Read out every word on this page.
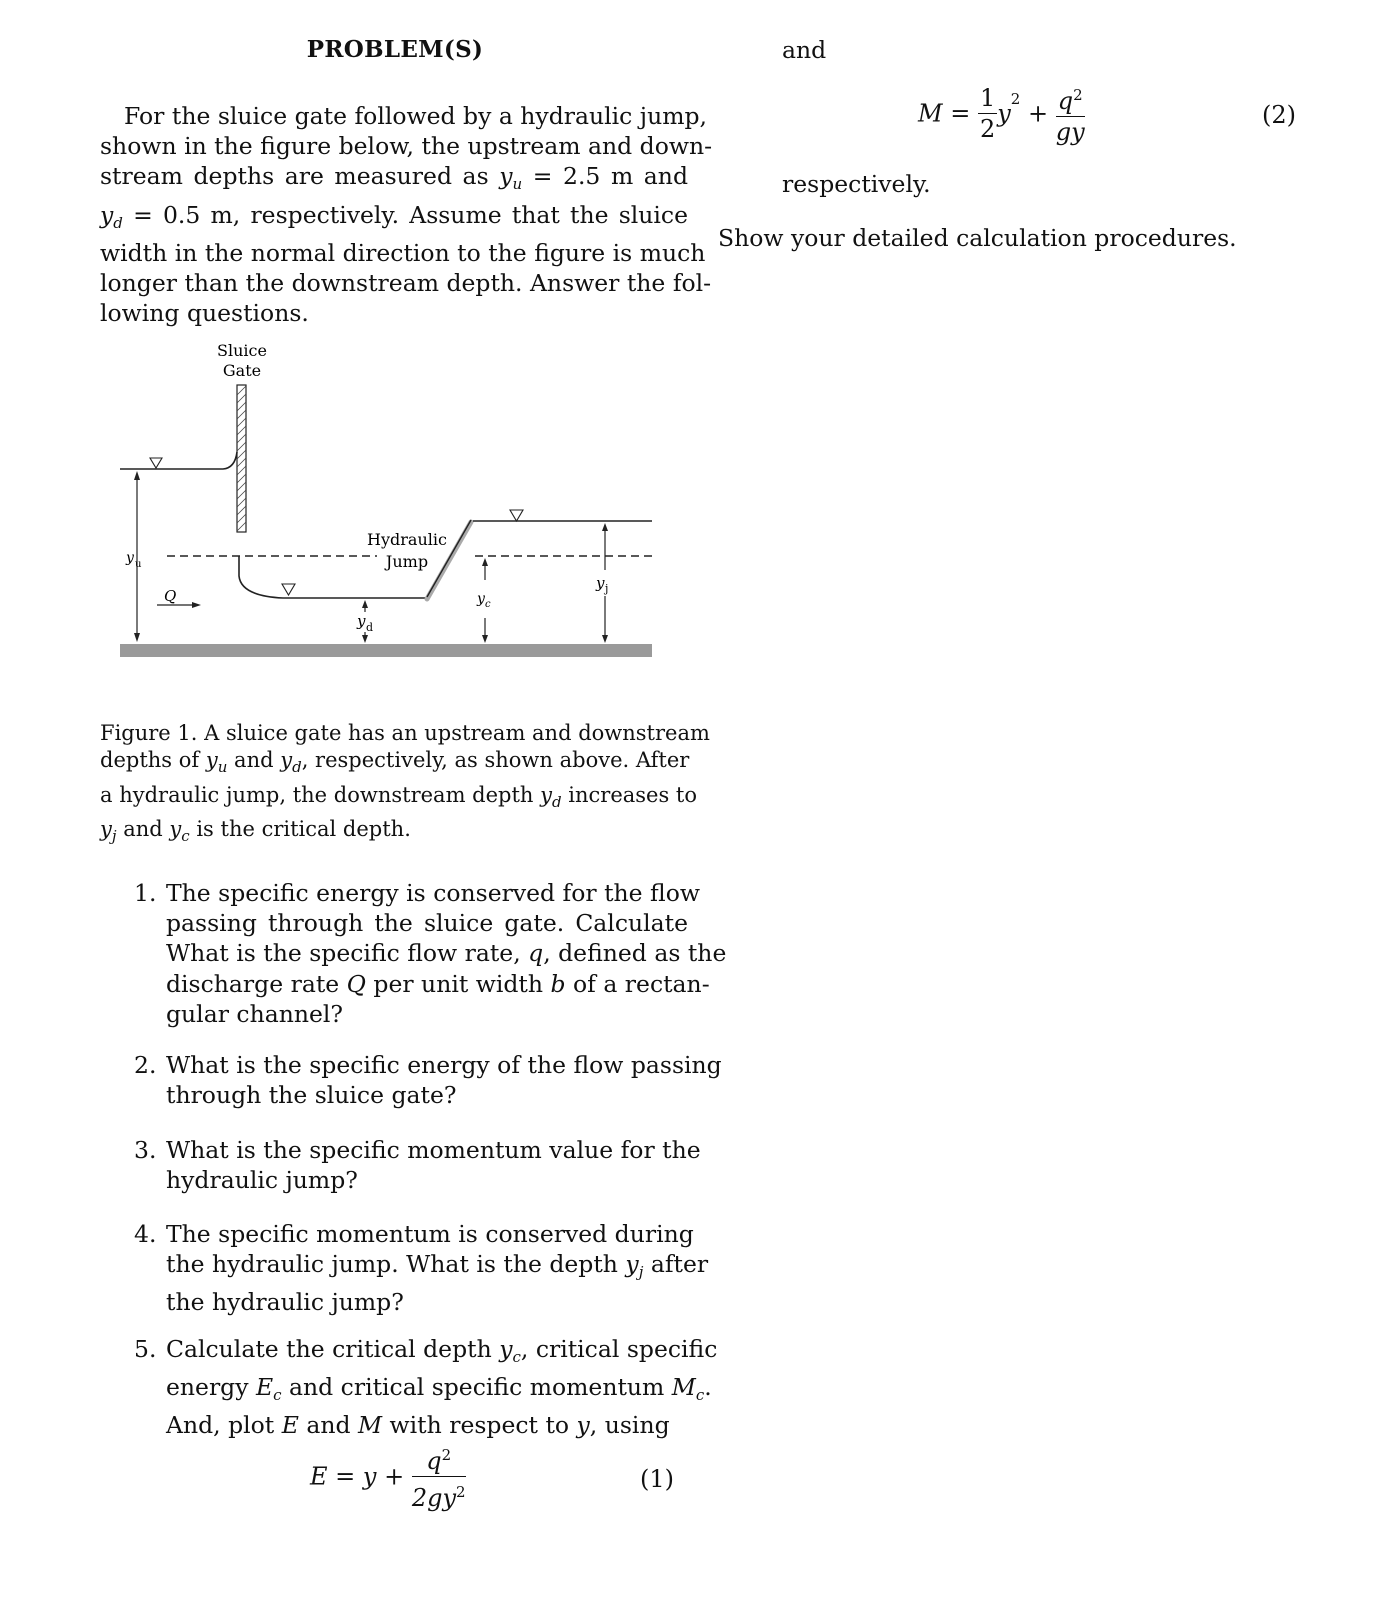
PROBLEM(S)
For the sluice gate followed by a hydraulic jump,
shown in the figure below, the upstream and down-
stream depths are measured as $y_u = 2.5$ m and
$y_d = 0.5$ m, respectively. Assume that the sluice
width in the normal direction to the figure is much
longer than the downstream depth. Answer the fol-
lowing questions.
Sluice
Gate
Hydraulic
Jump
y u
Q
y d
y c
y j
Figure 1. A sluice gate has an upstream and downstream
depths of $y_u$ and $y_d$, respectively, as shown above. After
a hydraulic jump, the downstream depth $y_d$ increases to
$y_j$ and $y_c$ is the critical depth.
1. The specific energy is conserved for the flow
passing through the sluice gate. Calculate
What is the specific flow rate, q, defined as the
discharge rate Q per unit width b of a rectan-
gular channel?
2. What is the specific energy of the flow passing
through the sluice gate?
3. What is the specific momentum value for the
hydraulic jump?
4. The specific momentum is conserved during
the hydraulic jump. What is the depth $y_j$ after
the hydraulic jump?
5. Calculate the critical depth $y_c$, critical specific
energy $E_c$ and critical specific momentum $M_c$.
And, plot E and M with respect to y, using
$E = y + \frac{q^2}{2gy^2}$	(1)
and
$M = \frac{1}{2} y^2 + \frac{q^2}{gy}$	(2)
respectively.
Show your detailed calculation procedures.
